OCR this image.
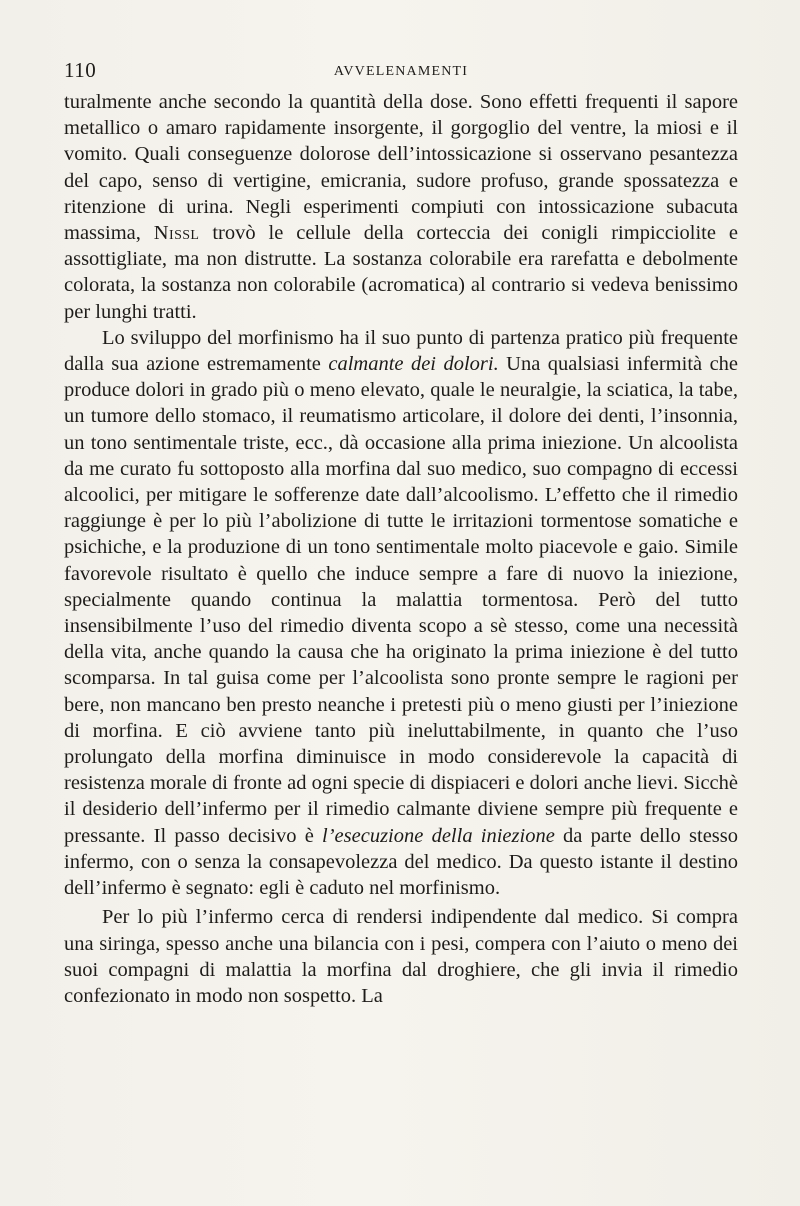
110	AVVELENAMENTI

turalmente anche secondo la quantità della dose. Sono effetti frequenti il sapore metallico o amaro rapidamente insorgente, il gorgoglio del ventre, la miosi e il vomito. Quali conseguenze dolorose dell’intossicazione si osservano pesantezza del capo, senso di vertigine, emicrania, sudore profuso, grande spossatezza e ritenzione di urina. Negli esperimenti compiuti con intossicazione subacuta massima, Nissl trovò le cellule della corteccia dei conigli rimpicciolite e assottigliate, ma non distrutte. La sostanza colorabile era rarefatta e debolmente colorata, la sostanza non colorabile (acromatica) al contrario si vedeva benissimo per lunghi tratti.

Lo sviluppo del morfinismo ha il suo punto di partenza pratico più frequente dalla sua azione estremamente calmante dei dolori. Una qualsiasi infermità che produce dolori in grado più o meno elevato, quale le neuralgie, la sciatica, la tabe, un tumore dello stomaco, il reumatismo articolare, il dolore dei denti, l’insonnia, un tono sentimentale triste, ecc., dà occasione alla prima iniezione. Un alcoolista da me curato fu sottoposto alla morfina dal suo medico, suo compagno di eccessi alcoolici, per mitigare le sofferenze date dall’alcoolismo. L’effetto che il rimedio raggiunge è per lo più l’abolizione di tutte le irritazioni tormentose somatiche e psichiche, e la produzione di un tono sentimentale molto piacevole e gaio. Simile favorevole risultato è quello che induce sempre a fare di nuovo la iniezione, specialmente quando continua la malattia tormentosa. Però del tutto insensibilmente l’uso del rimedio diventa scopo a sè stesso, come una necessità della vita, anche quando la causa che ha originato la prima iniezione è del tutto scomparsa. In tal guisa come per l’alcoolista sono pronte sempre le ragioni per bere, non mancano ben presto neanche i pretesti più o meno giusti per l’iniezione di morfina. E ciò avviene tanto più ineluttabilmente, in quanto che l’uso prolungato della morfina diminuisce in modo considerevole la capacità di resistenza morale di fronte ad ogni specie di dispiaceri e dolori anche lievi. Sicchè il desiderio dell’infermo per il rimedio calmante diviene sempre più frequente e pressante. Il passo decisivo è l’esecuzione della iniezione da parte dello stesso infermo, con o senza la consapevolezza del medico. Da questo istante il destino dell’infermo è segnato: egli è caduto nel morfinismo.

Per lo più l’infermo cerca di rendersi indipendente dal medico. Si compra una siringa, spesso anche una bilancia con i pesi, compera con l’aiuto o meno dei suoi compagni di malattia la morfina dal droghiere, che gli invia il rimedio confezionato in modo non sospetto. La
